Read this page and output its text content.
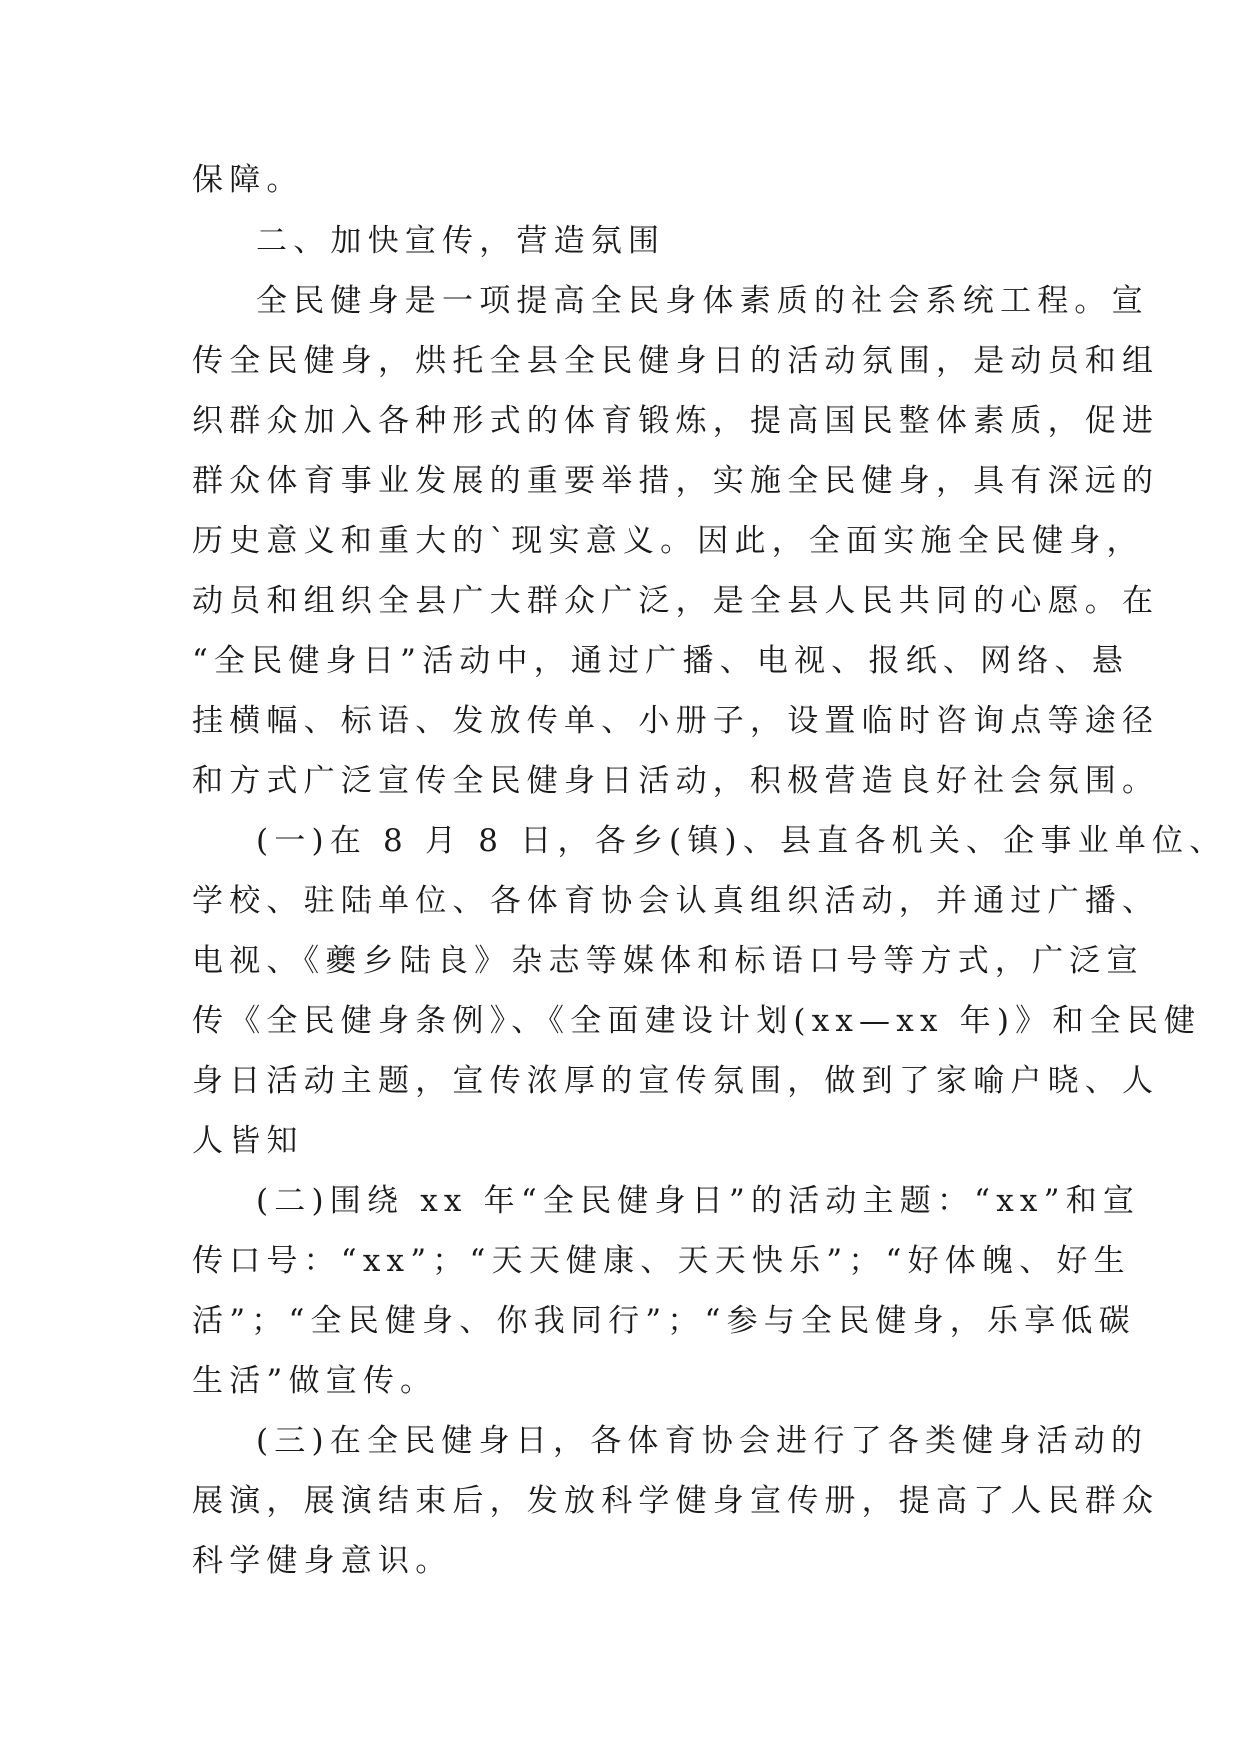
保障。
二、加快宣传，营造氛围
全民健身是一项提高全民身体素质的社会系统工程。宣
传全民健身，烘托全县全民健身日的活动氛围，是动员和组
织群众加入各种形式的体育锻炼，提高国民整体素质，促进
群众体育事业发展的重要举措，实施全民健身，具有深远的
历史意义和重大的`现实意义。因此，全面实施全民健身，
动员和组织全县广大群众广泛，是全县人民共同的心愿。在
“全民健身日”活动中，通过广播、电视、报纸、网络、悬
挂横幅、标语、发放传单、小册子，设置临时咨询点等途径
和方式广泛宣传全民健身日活动，积极营造良好社会氛围。
(一)在 8 月 8 日，各乡(镇)、县直各机关、企事业单位、
学校、驻陆单位、各体育协会认真组织活动，并通过广播、
电视、《夔乡陆良》杂志等媒体和标语口号等方式，广泛宣
传《全民健身条例》、《全面建设计划(xx—xx 年)》和全民健
身日活动主题，宣传浓厚的宣传氛围，做到了家喻户晓、人
人皆知
(二)围绕 xx 年“全民健身日”的活动主题：“xx”和宣
传口号：“xx”；“天天健康、天天快乐”；“好体魄、好生
活”；“全民健身、你我同行”；“参与全民健身，乐享低碳
生活”做宣传。
(三)在全民健身日，各体育协会进行了各类健身活动的
展演，展演结束后，发放科学健身宣传册，提高了人民群众
科学健身意识。
